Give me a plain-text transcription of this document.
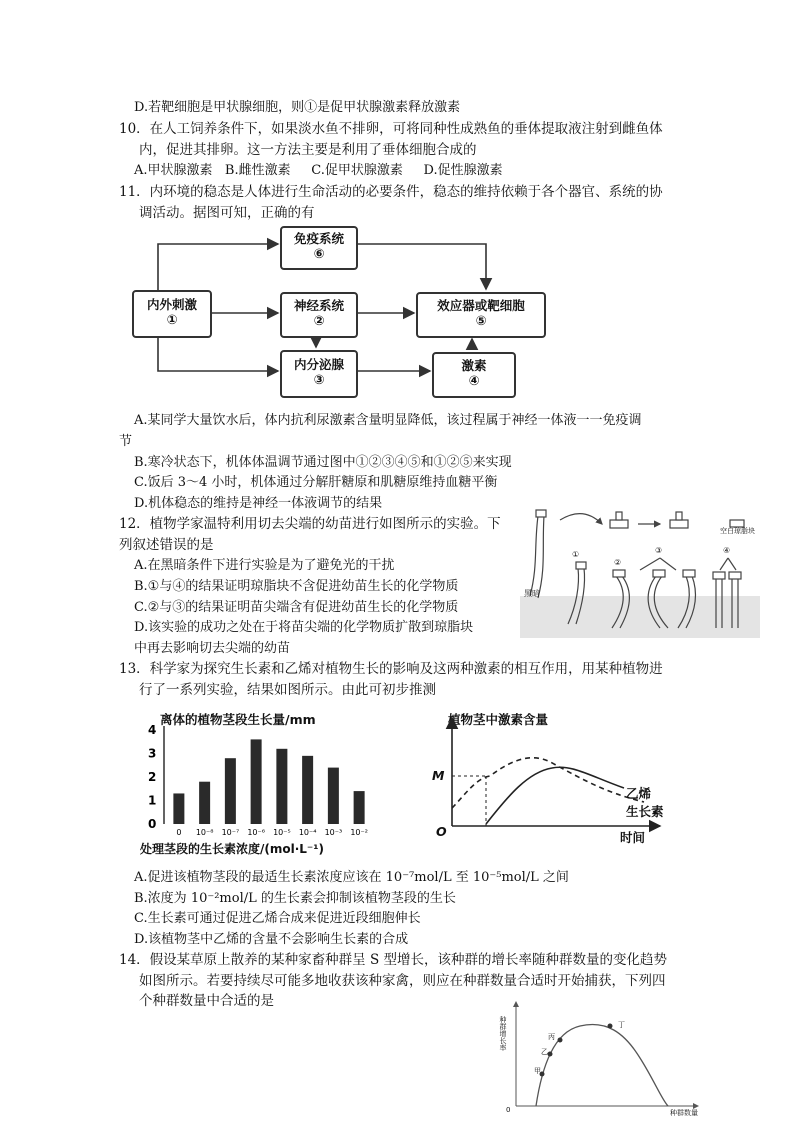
D.若靶细胞是甲状腺细胞，则①是促甲状腺激素释放激素
10．在人工饲养条件下，如果淡水鱼不排卵，可将同种性成熟鱼的垂体提取液注射到雌鱼体
内，促进其排卵。这一方法主要是利用了垂体细胞合成的
A.甲状腺激素   B.雌性激素     C.促甲状腺激素     D.促性腺激素
11．内环境的稳态是人体进行生命活动的必要条件，稳态的维持依赖于各个器官、系统的协
调活动。据图可知，正确的有
免疫系统
⑥
内外刺激
①
神经系统
②
效应器或靶细胞
⑤
内分泌腺
③
激素
④
A.某同学大量饮水后，体内抗利尿激素含量明显降低，该过程属于神经一体液一一免疫调
节
B.寒冷状态下，机体体温调节通过图中①②③④⑤和①②⑤来实现
C.饭后 3～4 小时，机体通过分解肝糖原和肌糖原维持血糖平衡
D.机体稳态的维持是神经一体液调节的结果
12．植物学家温特利用切去尖端的幼苗进行如图所示的实验。下
列叙述错误的是
A.在黑暗条件下进行实验是为了避免光的干扰
B.①与④的结果证明琼脂块不含促进幼苗生长的化学物质
C.②与③的结果证明苗尖端含有促进幼苗生长的化学物质
D.该实验的成功之处在于将苗尖端的化学物质扩散到琼脂块
中再去影响切去尖端的幼苗
空白琼脂块
黑暗
①
②
③	④
13．科学家为探究生长素和乙烯对植物生长的影响及这两种激素的相互作用，用某种植物进
行了一系列实验，结果如图所示。由此可初步推测
离体的植物茎段生长量/mm
0
1
2
3
4
0 10⁻⁸ 10⁻⁷ 10⁻⁶ 10⁻⁵ 10⁻⁴ 10⁻³ 10⁻²
处理茎段的生长素浓度/(mol·L⁻¹)
植物茎中激素含量
M
O
乙烯
生长素
时间
A.促进该植物茎段的最适生长素浓度应该在 10⁻⁷mol/L 至 10⁻⁵mol/L 之间
B.浓度为 10⁻²mol/L 的生长素会抑制该植物茎段的生长
C.生长素可通过促进乙烯合成来促进近段细胞伸长
D.该植物茎中乙烯的含量不会影响生长素的合成
14．假设某草原上散养的某种家畜种群呈 S 型增长，该种群的增长率随种群数量的变化趋势
如图所示。若要持续尽可能多地收获该种家禽，则应在种群数量合适时开始捕获，下列四
个种群数量中合适的是
种群增长率
甲
乙
丙
丁
0	种群数量
